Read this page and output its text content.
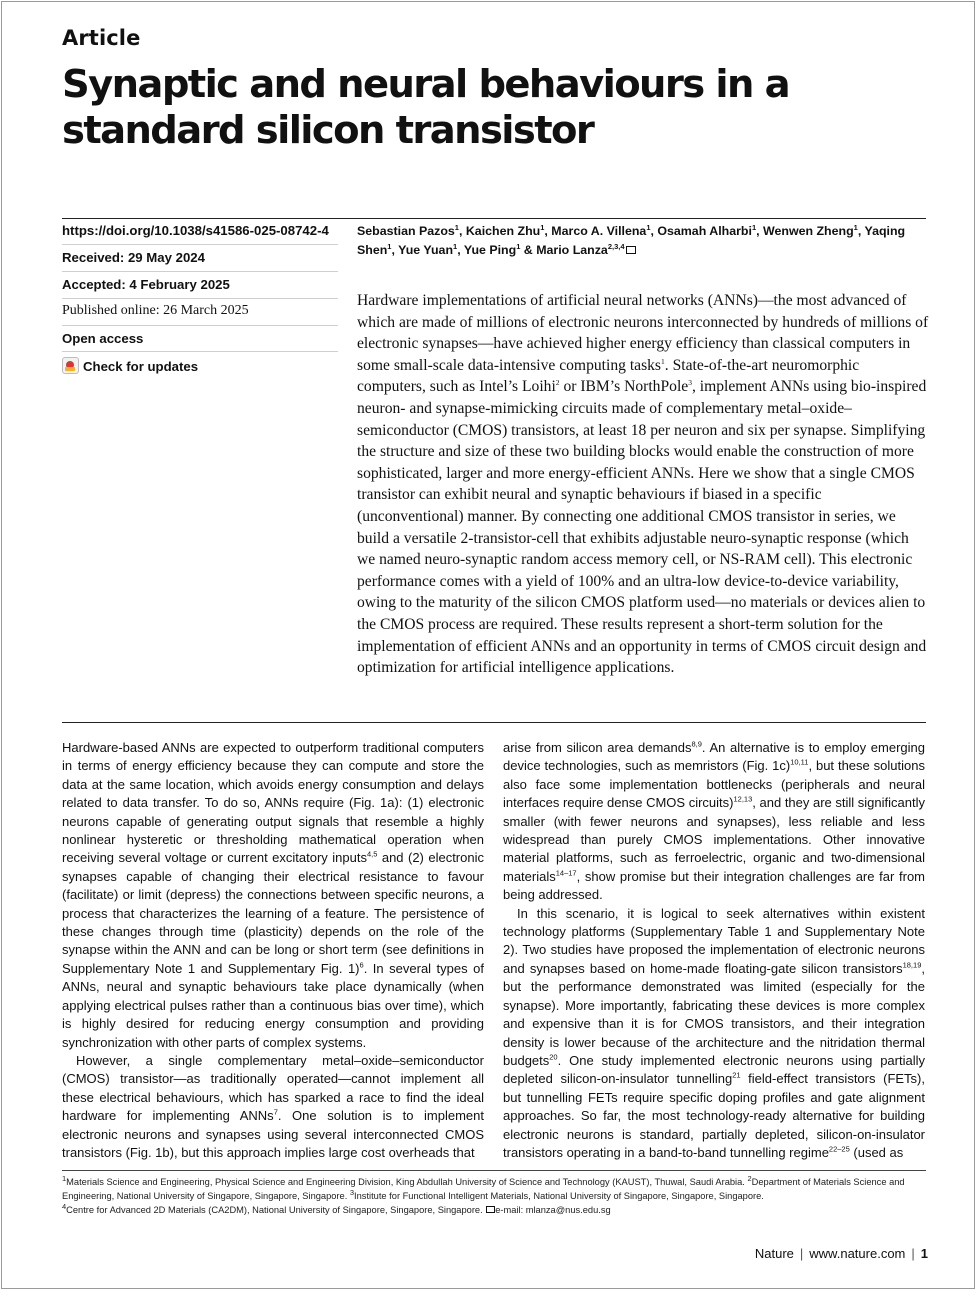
Article
Synaptic and neural behaviours in a standard silicon transistor
https://doi.org/10.1038/s41586-025-08742-4
Received: 29 May 2024
Accepted: 4 February 2025
Published online: 26 March 2025
Open access
Check for updates
Sebastian Pazos$^1$, Kaichen Zhu$^1$, Marco A. Villena$^1$, Osamah Alharbi$^1$, Wenwen Zheng$^1$, Yaqing Shen$^1$, Yue Yuan$^1$, Yue Ping$^1$ & Mario Lanza$^{2,3,4}$

Hardware implementations of artificial neural networks (ANNs)—the most advanced of which are made of millions of electronic neurons interconnected by hundreds of millions of electronic synapses—have achieved higher energy efficiency than classical computers in some small-scale data-intensive computing tasks$^1$. State-of-the-art neuromorphic computers, such as Intel’s Loihi$^2$ or IBM’s NorthPole$^3$, implement ANNs using bio-inspired neuron- and synapse-mimicking circuits made of complementary metal–oxide–semiconductor (CMOS) transistors, at least 18 per neuron and six per synapse. Simplifying the structure and size of these two building blocks would enable the construction of more sophisticated, larger and more energy-efficient ANNs. Here we show that a single CMOS transistor can exhibit neural and synaptic behaviours if biased in a specific (unconventional) manner. By connecting one additional CMOS transistor in series, we build a versatile 2-transistor-cell that exhibits adjustable neuro-synaptic response (which we named neuro-synaptic random access memory cell, or NS-RAM cell). This electronic performance comes with a yield of 100% and an ultra-low device-to-device variability, owing to the maturity of the silicon CMOS platform used—no materials or devices alien to the CMOS process are required. These results represent a short-term solution for the implementation of efficient ANNs and an opportunity in terms of CMOS circuit design and optimization for artificial intelligence applications.

Hardware-based ANNs are expected to outperform traditional computers in terms of energy efficiency because they can compute and store the data at the same location, which avoids energy consumption and delays related to data transfer. To do so, ANNs require (Fig. 1a): (1) electronic neurons capable of generating output signals that resemble a highly nonlinear hysteretic or thresholding mathematical operation when receiving several voltage or current excitatory inputs$^{4,5}$ and (2) electronic synapses capable of changing their electrical resistance to favour (facilitate) or limit (depress) the connections between specific neurons, a process that characterizes the learning of a feature. The persistence of these changes through time (plasticity) depends on the role of the synapse within the ANN and can be long or short term (see definitions in Supplementary Note 1 and Supplementary Fig. 1)$^6$. In several types of ANNs, neural and synaptic behaviours take place dynamically (when applying electrical pulses rather than a continuous bias over time), which is highly desired for reducing energy consumption and providing synchronization with other parts of complex systems.

However, a single complementary metal–oxide–semiconductor (CMOS) transistor—as traditionally operated—cannot implement all these electrical behaviours, which has sparked a race to find the ideal hardware for implementing ANNs$^7$. One solution is to implement electronic neurons and synapses using several interconnected CMOS transistors (Fig. 1b), but this approach implies large cost overheads that

arise from silicon area demands$^{8,9}$. An alternative is to employ emerging device technologies, such as memristors (Fig. 1c)$^{10,11}$, but these solutions also face some implementation bottlenecks (peripherals and neural interfaces require dense CMOS circuits)$^{12,13}$, and they are still significantly smaller (with fewer neurons and synapses), less reliable and less widespread than purely CMOS implementations. Other innovative material platforms, such as ferroelectric, organic and two-dimensional materials$^{14-17}$, show promise but their integration challenges are far from being addressed.

In this scenario, it is logical to seek alternatives within existent technology platforms (Supplementary Table 1 and Supplementary Note 2). Two studies have proposed the implementation of electronic neurons and synapses based on home-made floating-gate silicon transistors$^{18,19}$, but the performance demonstrated was limited (especially for the synapse). More importantly, fabricating these devices is more complex and expensive than it is for CMOS transistors, and their integration density is lower because of the architecture and the nitridation thermal budgets$^{20}$. One study implemented electronic neurons using partially depleted silicon-on-insulator tunnelling$^{21}$ field-effect transistors (FETs), but tunnelling FETs require specific doping profiles and gate alignment approaches. So far, the most technology-ready alternative for building electronic neurons is standard, partially depleted, silicon-on-insulator transistors operating in a band-to-band tunnelling regime$^{22-25}$ (used as

$^1$Materials Science and Engineering, Physical Science and Engineering Division, King Abdullah University of Science and Technology (KAUST), Thuwal, Saudi Arabia. $^2$Department of Materials Science and Engineering, National University of Singapore, Singapore, Singapore. $^3$Institute for Functional Intelligent Materials, National University of Singapore, Singapore, Singapore.
$^4$Centre for Advanced 2D Materials (CA2DM), National University of Singapore, Singapore, Singapore. e-mail: mlanza@nus.edu.sg
Nature | www.nature.com | 1
